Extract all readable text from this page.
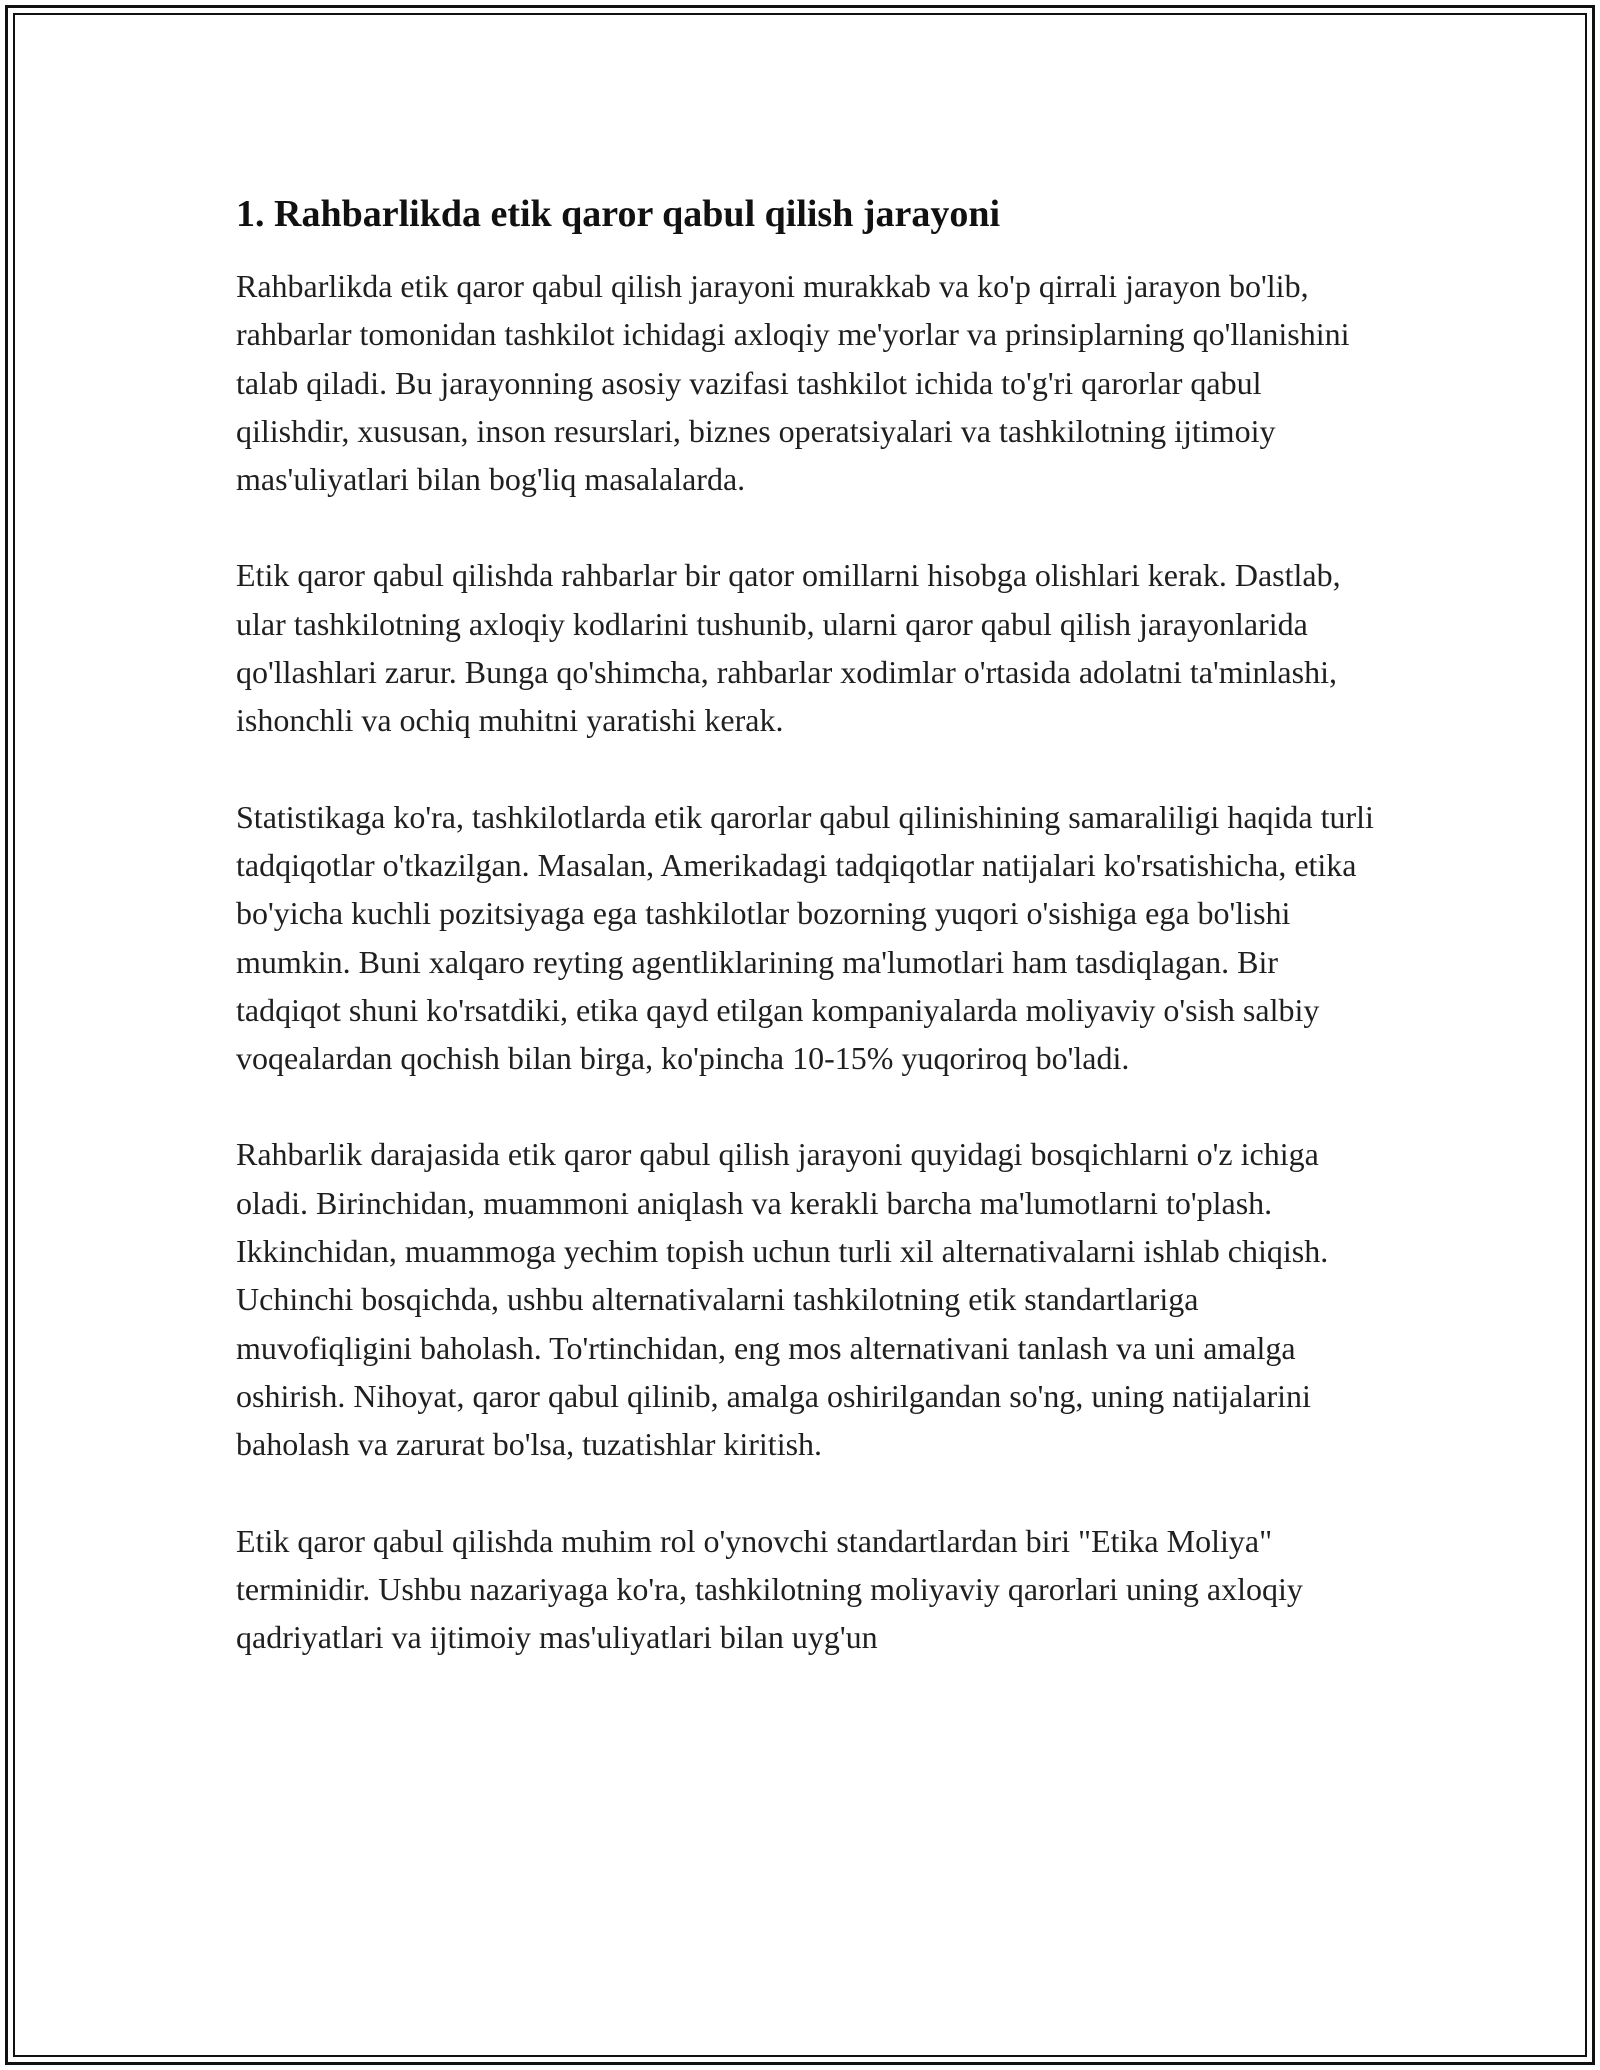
1. Rahbarlikda etik qaror qabul qilish jarayoni

Rahbarlikda etik qaror qabul qilish jarayoni murakkab va ko'p qirrali jarayon bo'lib, rahbarlar tomonidan tashkilot ichidagi axloqiy me'yorlar va prinsiplarning qo'llanishini talab qiladi. Bu jarayonning asosiy vazifasi tashkilot ichida to'g'ri qarorlar qabul qilishdir, xususan, inson resurslari, biznes operatsiyalari va tashkilotning ijtimoiy mas'uliyatlari bilan bog'liq masalalarda.

Etik qaror qabul qilishda rahbarlar bir qator omillarni hisobga olishlari kerak. Dastlab, ular tashkilotning axloqiy kodlarini tushunib, ularni qaror qabul qilish jarayonlarida qo'llashlari zarur. Bunga qo'shimcha, rahbarlar xodimlar o'rtasida adolatni ta'minlashi, ishonchli va ochiq muhitni yaratishi kerak.

Statistikaga ko'ra, tashkilotlarda etik qarorlar qabul qilinishining samaraliligi haqida turli tadqiqotlar o'tkazilgan. Masalan, Amerikadagi tadqiqotlar natijalari ko'rsatishicha, etika bo'yicha kuchli pozitsiyaga ega tashkilotlar bozorning yuqori o'sishiga ega bo'lishi mumkin. Buni xalqaro reyting agentliklarining ma'lumotlari ham tasdiqlagan. Bir tadqiqot shuni ko'rsatdiki, etika qayd etilgan kompaniyalarda moliyaviy o'sish salbiy voqealardan qochish bilan birga, ko'pincha 10-15% yuqoriroq bo'ladi.

Rahbarlik darajasida etik qaror qabul qilish jarayoni quyidagi bosqichlarni o'z ichiga oladi. Birinchidan, muammoni aniqlash va kerakli barcha ma'lumotlarni to'plash. Ikkinchidan, muammoga yechim topish uchun turli xil alternativalarni ishlab chiqish. Uchinchi bosqichda, ushbu alternativalarni tashkilotning etik standartlariga muvofiqligini baholash. To'rtinchidan, eng mos alternativani tanlash va uni amalga oshirish. Nihoyat, qaror qabul qilinib, amalga oshirilgandan so'ng, uning natijalarini baholash va zarurat bo'lsa, tuzatishlar kiritish.

Etik qaror qabul qilishda muhim rol o'ynovchi standartlardan biri "Etika Moliya" terminidir. Ushbu nazariyaga ko'ra, tashkilotning moliyaviy qarorlari uning axloqiy qadriyatlari va ijtimoiy mas'uliyatlari bilan uyg'un
